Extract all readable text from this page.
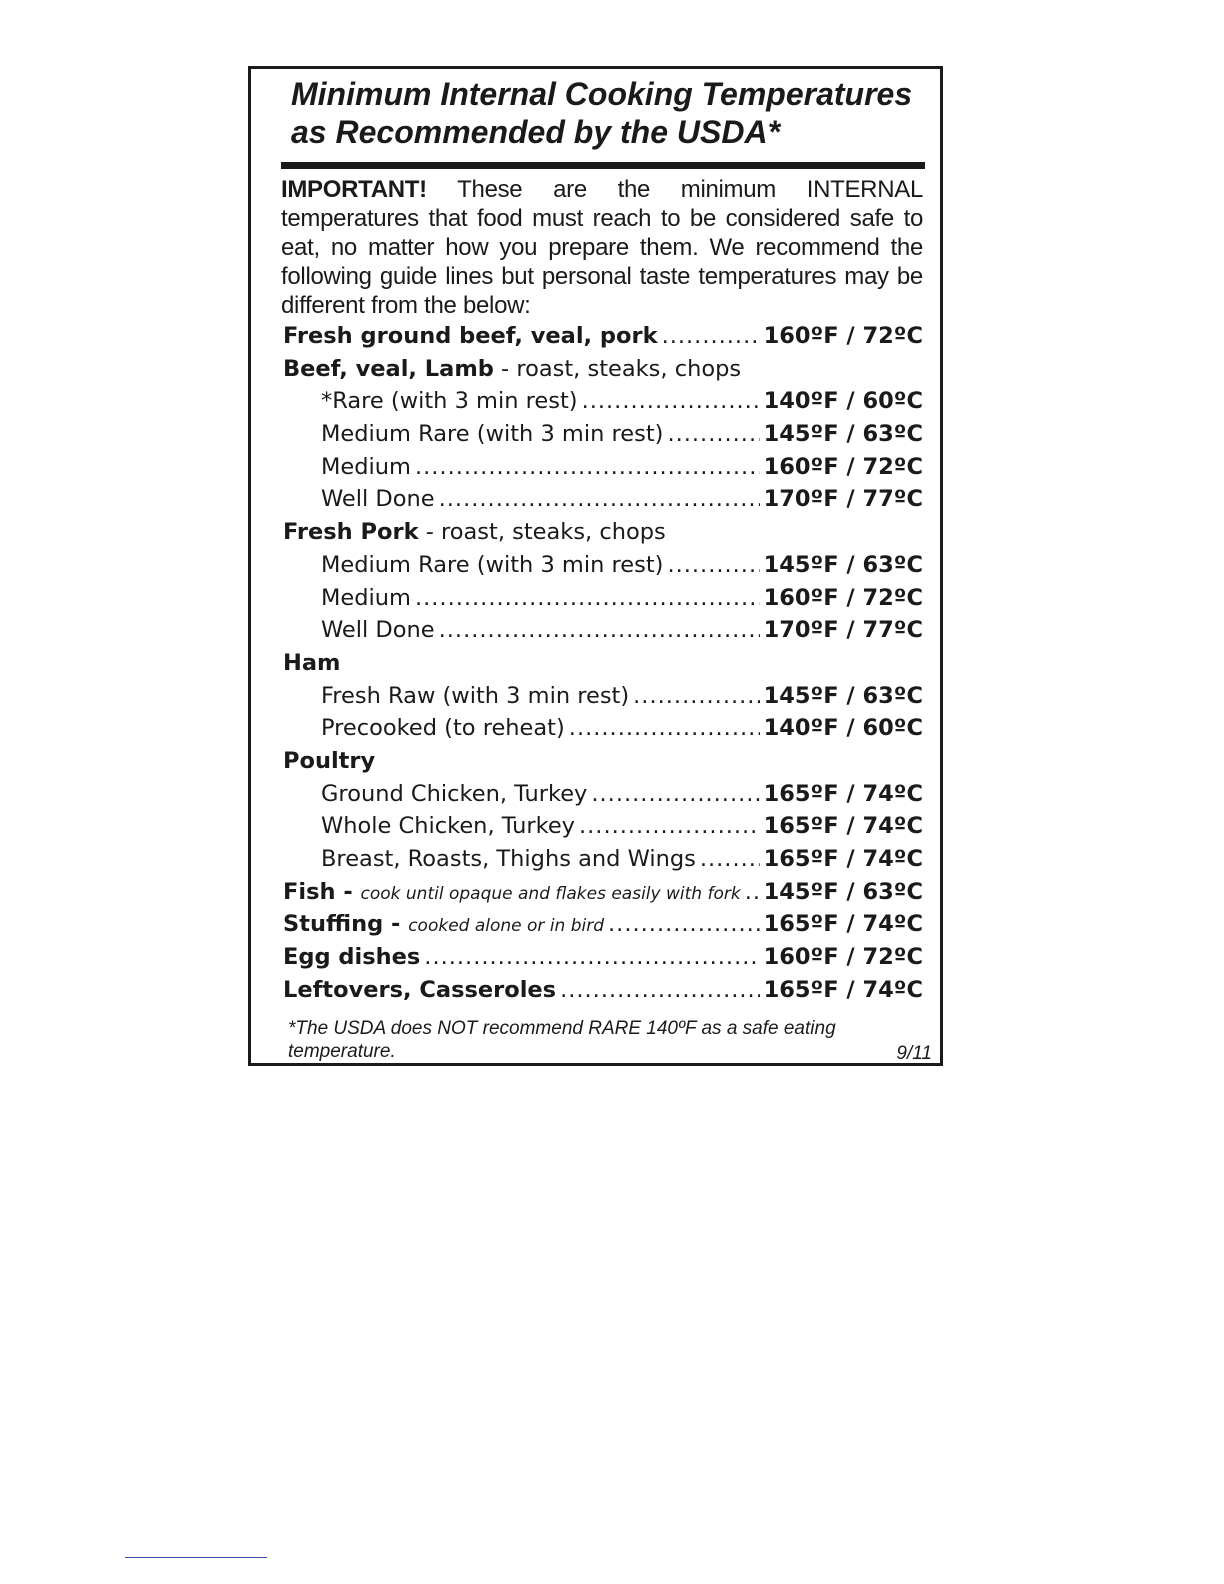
Minimum Internal Cooking Temperatures
as Recommended by the USDA*

IMPORTANT! These are the minimum INTERNAL temperatures that food must reach to be considered safe to eat, no matter how you prepare them. We recommend the following guide lines but personal taste temperatures may be different from the below:

Fresh ground beef, veal, pork .....	160ºF / 72ºC
Beef, veal, Lamb - roast, steaks, chops
*Rare (with 3 min rest) .....	140ºF / 60ºC
Medium Rare (with 3 min rest) .....	145ºF / 63ºC
Medium .....	160ºF / 72ºC
Well Done .....	170ºF / 77ºC
Fresh Pork - roast, steaks, chops
Medium Rare (with 3 min rest) .....	145ºF / 63ºC
Medium .....	160ºF / 72ºC
Well Done .....	170ºF / 77ºC
Ham
Fresh Raw (with 3 min rest) .....	145ºF / 63ºC
Precooked (to reheat) .....	140ºF / 60ºC
Poultry
Ground Chicken, Turkey .....	165ºF / 74ºC
Whole Chicken, Turkey .....	165ºF / 74ºC
Breast, Roasts, Thighs and Wings .....	165ºF / 74ºC
Fish - cook until opaque and flakes easily with fork ..... 145ºF / 63ºC
Stuffing - cooked alone or in bird .....	165ºF / 74ºC
Egg dishes .....	160ºF / 72ºC
Leftovers, Casseroles .....	165ºF / 74ºC

*The USDA does NOT recommend RARE 140ºF as a safe eating temperature.	9/11
